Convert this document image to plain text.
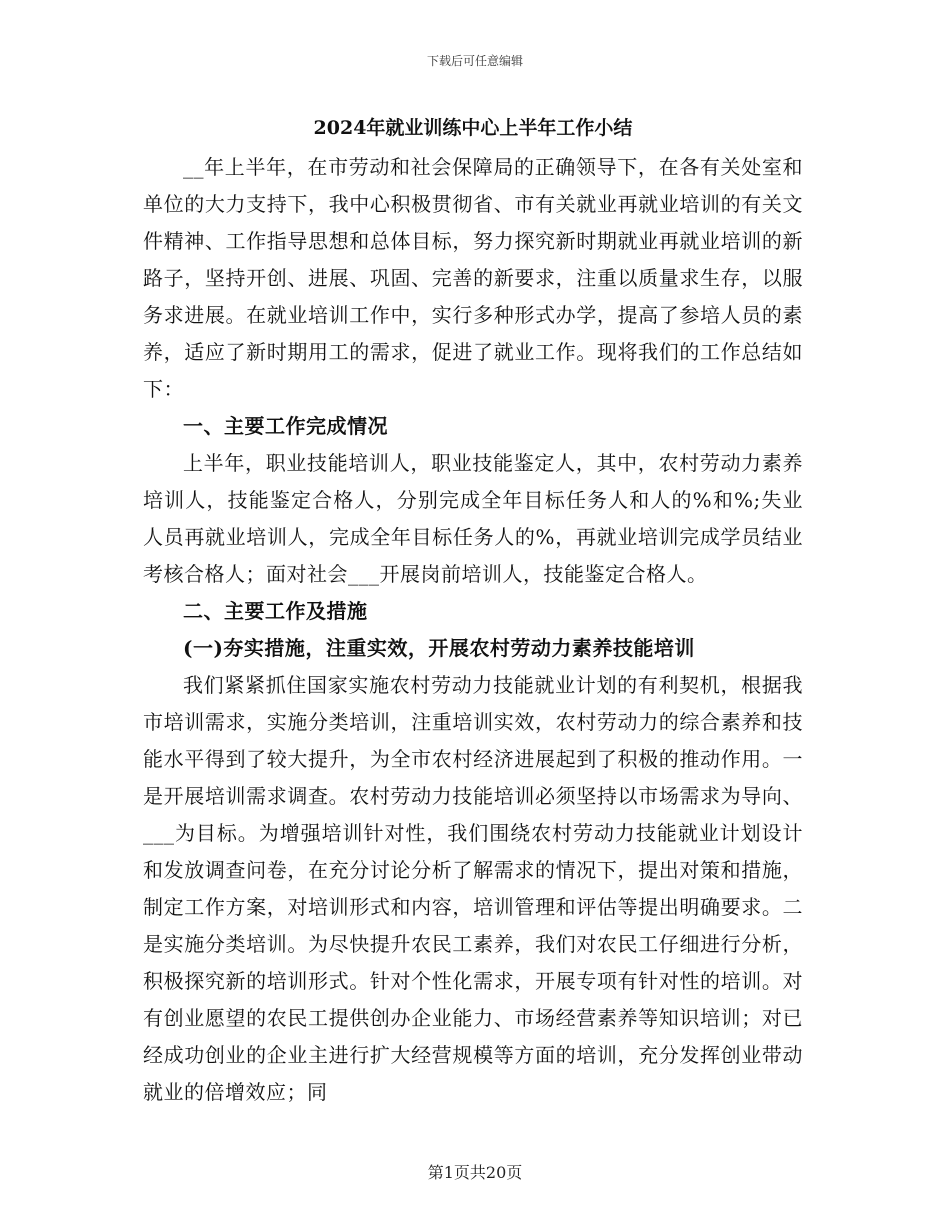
下载后可任意编辑
2024年就业训练中心上半年工作小结

__年上半年，在市劳动和社会保障局的正确领导下，在各有关处室和单位的大力支持下，我中心积极贯彻省、市有关就业再就业培训的有关文件精神、工作指导思想和总体目标，努力探究新时期就业再就业培训的新路子，坚持开创、进展、巩固、完善的新要求，注重以质量求生存，以服务求进展。在就业培训工作中，实行多种形式办学，提高了参培人员的素养，适应了新时期用工的需求，促进了就业工作。现将我们的工作总结如下：

一、主要工作完成情况

上半年，职业技能培训人，职业技能鉴定人，其中，农村劳动力素养培训人，技能鉴定合格人，分别完成全年目标任务人和人的%和%;失业人员再就业培训人，完成全年目标任务人的%，再就业培训完成学员结业考核合格人；面对社会___开展岗前培训人，技能鉴定合格人。

二、主要工作及措施

(一)夯实措施，注重实效，开展农村劳动力素养技能培训

我们紧紧抓住国家实施农村劳动力技能就业计划的有利契机，根据我市培训需求，实施分类培训，注重培训实效，农村劳动力的综合素养和技能水平得到了较大提升，为全市农村经济进展起到了积极的推动作用。一是开展培训需求调查。农村劳动力技能培训必须坚持以市场需求为导向、___为目标。为增强培训针对性，我们围绕农村劳动力技能就业计划设计和发放调查问卷，在充分讨论分析了解需求的情况下，提出对策和措施，制定工作方案，对培训形式和内容，培训管理和评估等提出明确要求。二是实施分类培训。为尽快提升农民工素养，我们对农民工仔细进行分析，积极探究新的培训形式。针对个性化需求，开展专项有针对性的培训。对有创业愿望的农民工提供创办企业能力、市场经营素养等知识培训；对已经成功创业的企业主进行扩大经营规模等方面的培训，充分发挥创业带动就业的倍增效应；同

第1页共20页
